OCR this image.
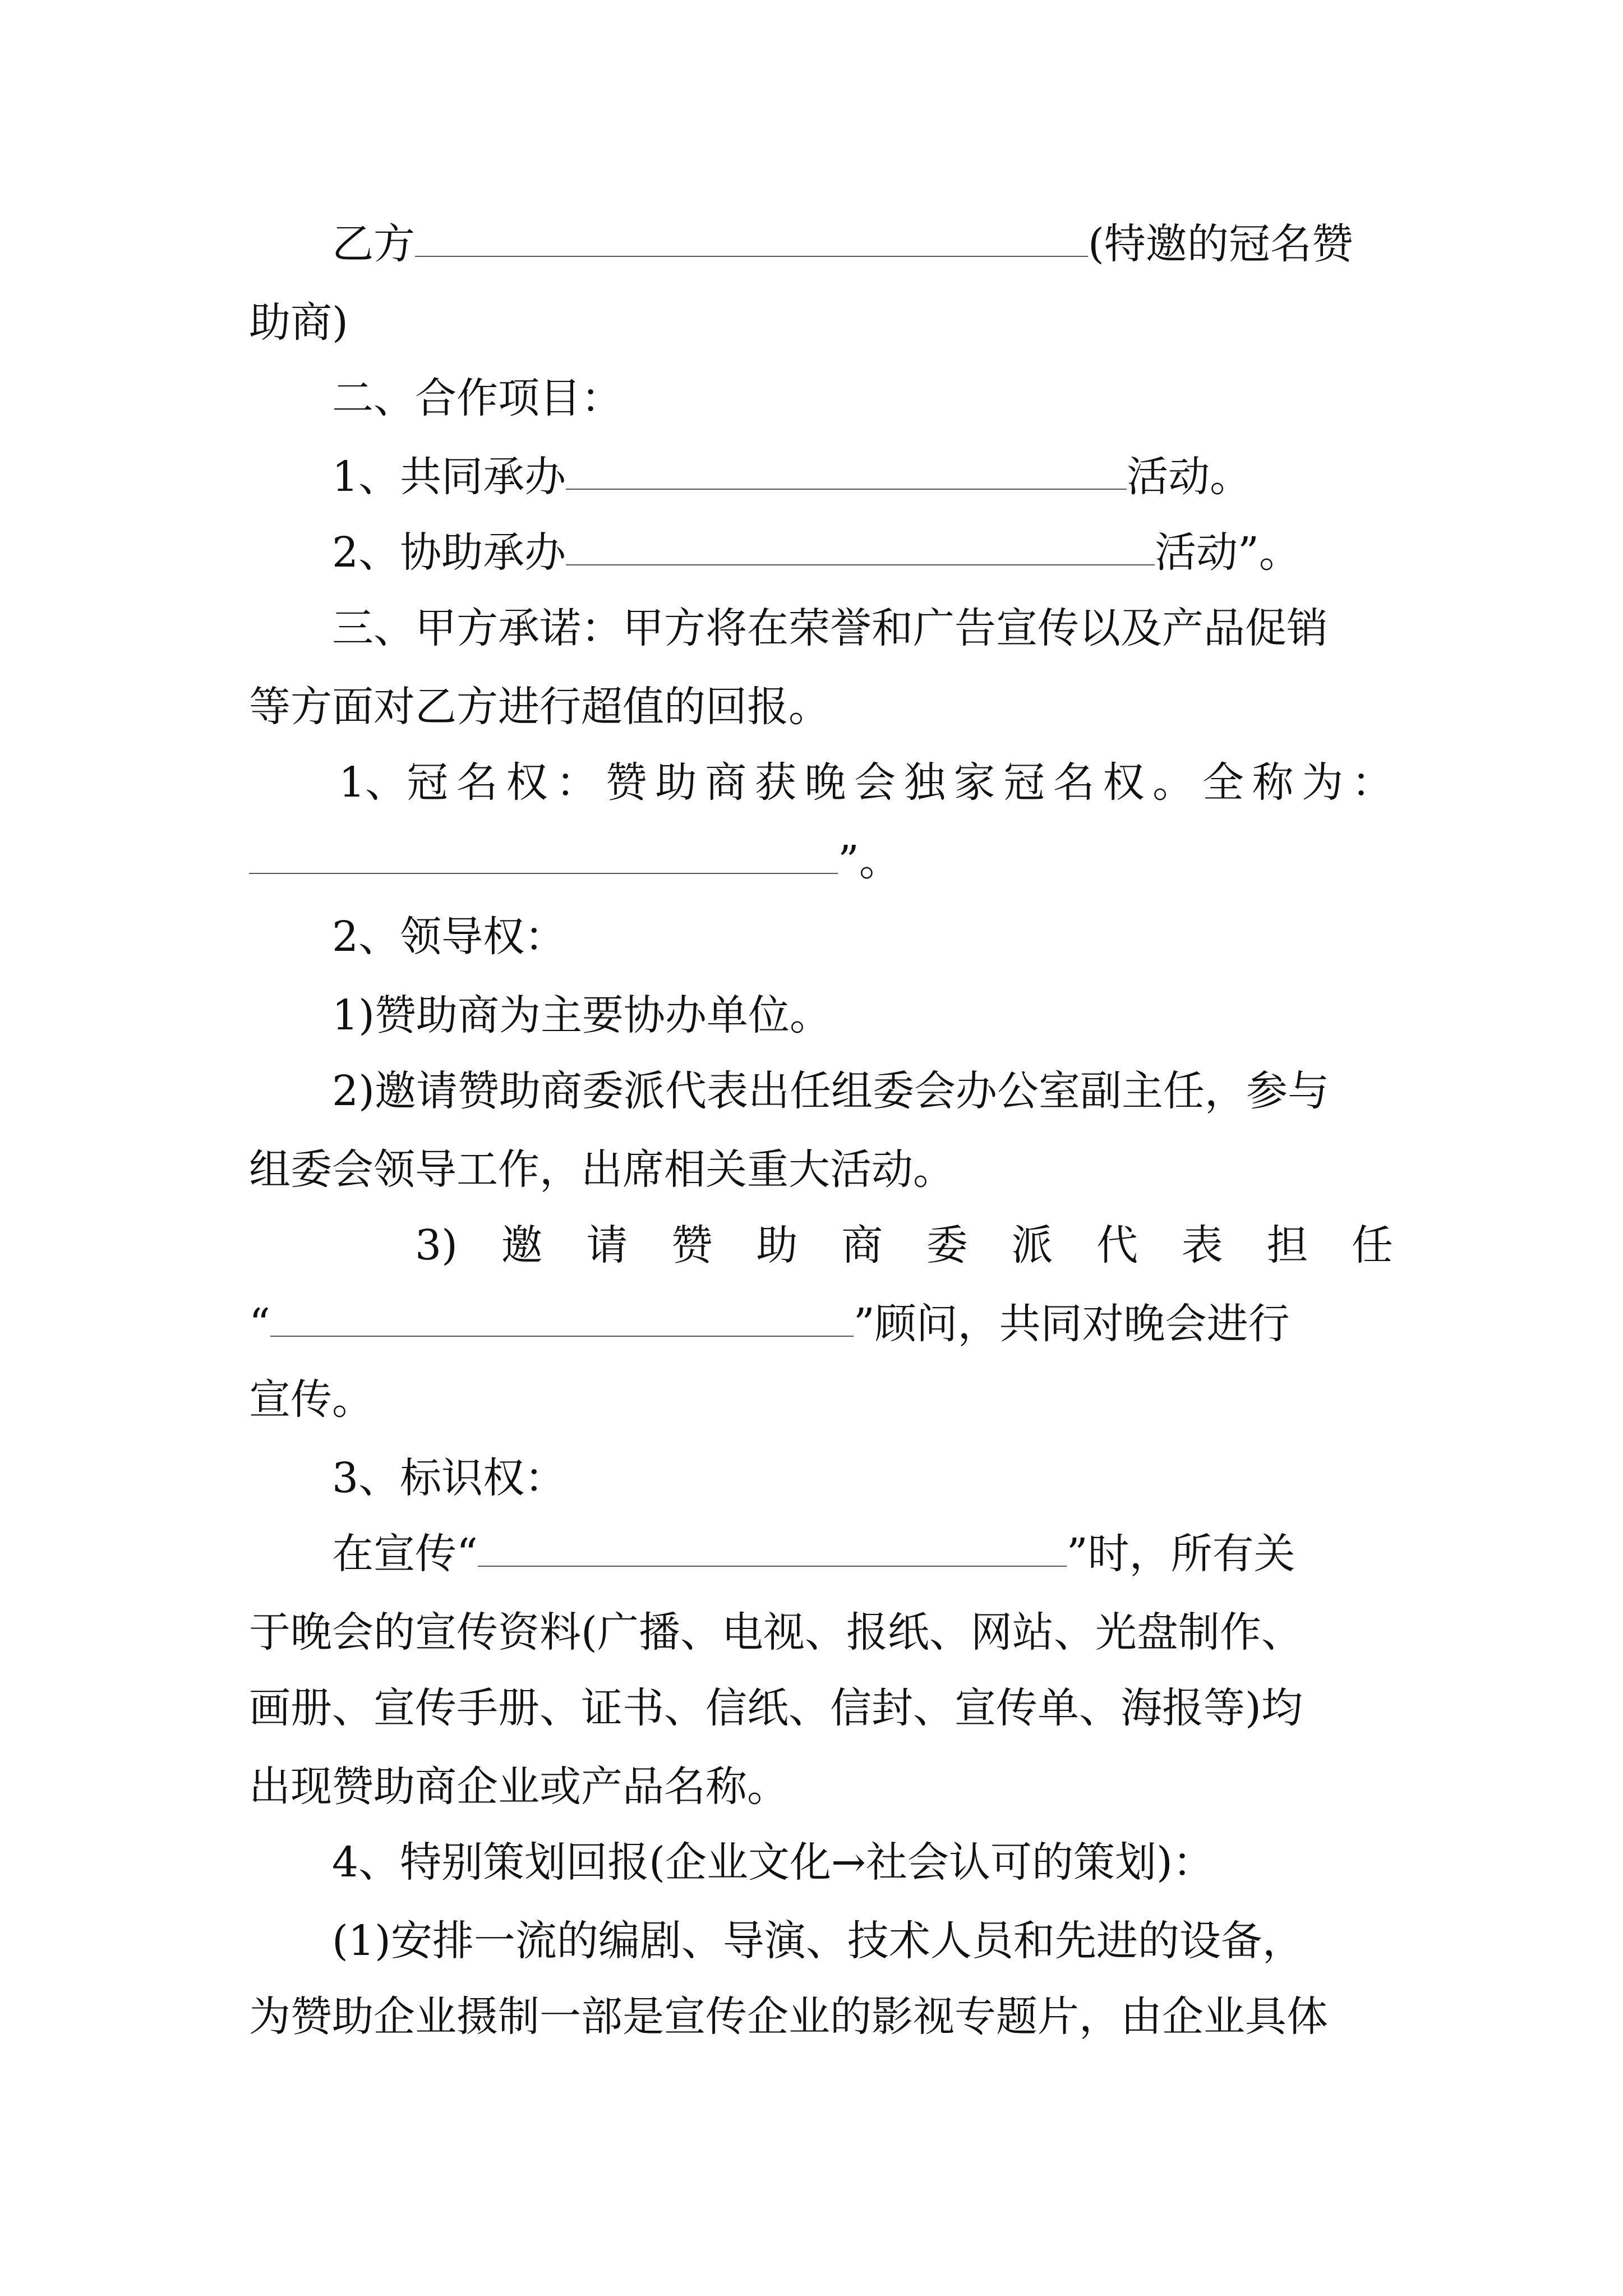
乙方	(特邀的冠名赞
助商)
二、合作项目：
1、共同承办	活动。
2、协助承办	活动”。
三、甲方承诺：甲方将在荣誉和广告宣传以及产品促销
等方面对乙方进行超值的回报。
1、冠 名 权 ： 赞 助 商 获 晚 会 独 家 冠 名 权 。 全 称 为 ：
”。
2、领导权：
1)赞助商为主要协办单位。
2)邀请赞助商委派代表出任组委会办公室副主任，参与
组委会领导工作，出席相关重大活动。
3) 邀 请 赞 助 商 委 派 代 表 担 任
“	”顾问，共同对晚会进行
宣传。
3、标识权：
在宣传“	”时，所有关
于晚会的宣传资料(广播、电视、报纸、网站、光盘制作、
画册、宣传手册、证书、信纸、信封、宣传单、海报等)均
出现赞助商企业或产品名称。
4、特别策划回报(企业文化→社会认可的策划)：
(1)安排一流的编剧、导演、技术人员和先进的设备，
为赞助企业摄制一部是宣传企业的影视专题片，由企业具体
